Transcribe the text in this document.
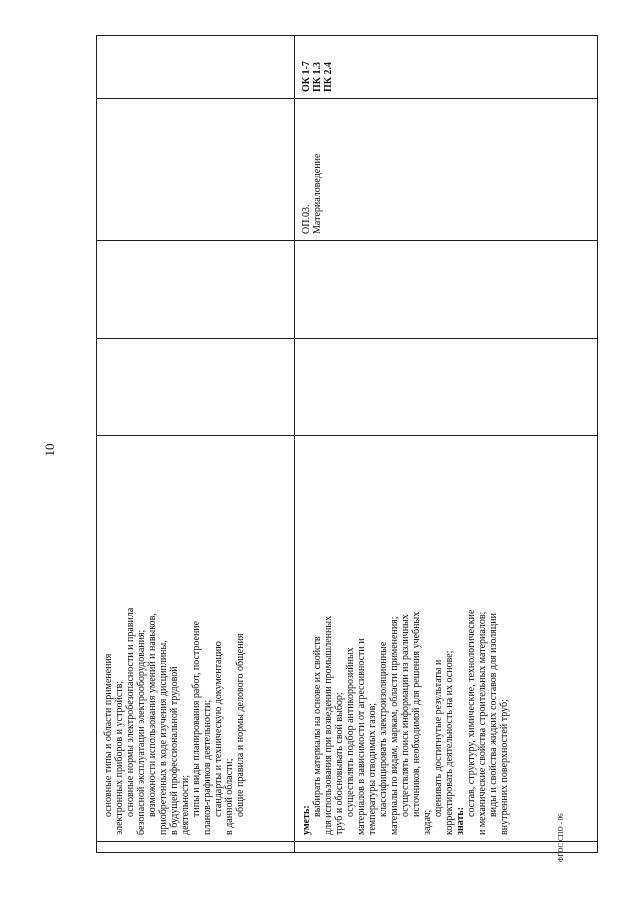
10
основные типы и области применения электронных приборов и устройств; основные нормы электробезопасности и правила безопасной эксплуатации электрооборудования; возможности использования умений и навыков, приобретенных в ходе изучения дисциплины, в будущей профессиональной трудовой деятельности; типы и виды планирования работ, построение планов-графиков деятельности; стандарты и техническую документацию в данной области; общие правила и нормы делового общения
уметь:
выбирать материалы на основе их свойств для использования при возведении промышленных труб и обосновывать свой выбор; осуществлять подбор антикоррозийных материалов в зависимости от агрессивности и температуры отводимых газов; классифицировать электроизоляционные материалы по видам, маркам, области применения; осуществлять поиск информации из различных источников, необходимой для решения учебных
задач;
оценивать достигнутые результаты и корректировать деятельность на их основе; знать:
состав, структуру, химические, технологические и механические свойства строительных материалов; виды и свойства жидких составов для изоляции внутренних поверхностей труб;
ОП.03. Материаловедение
ОК 1-7 ПК 1.3 ПК 2.4
ФГОС СПО - 06
